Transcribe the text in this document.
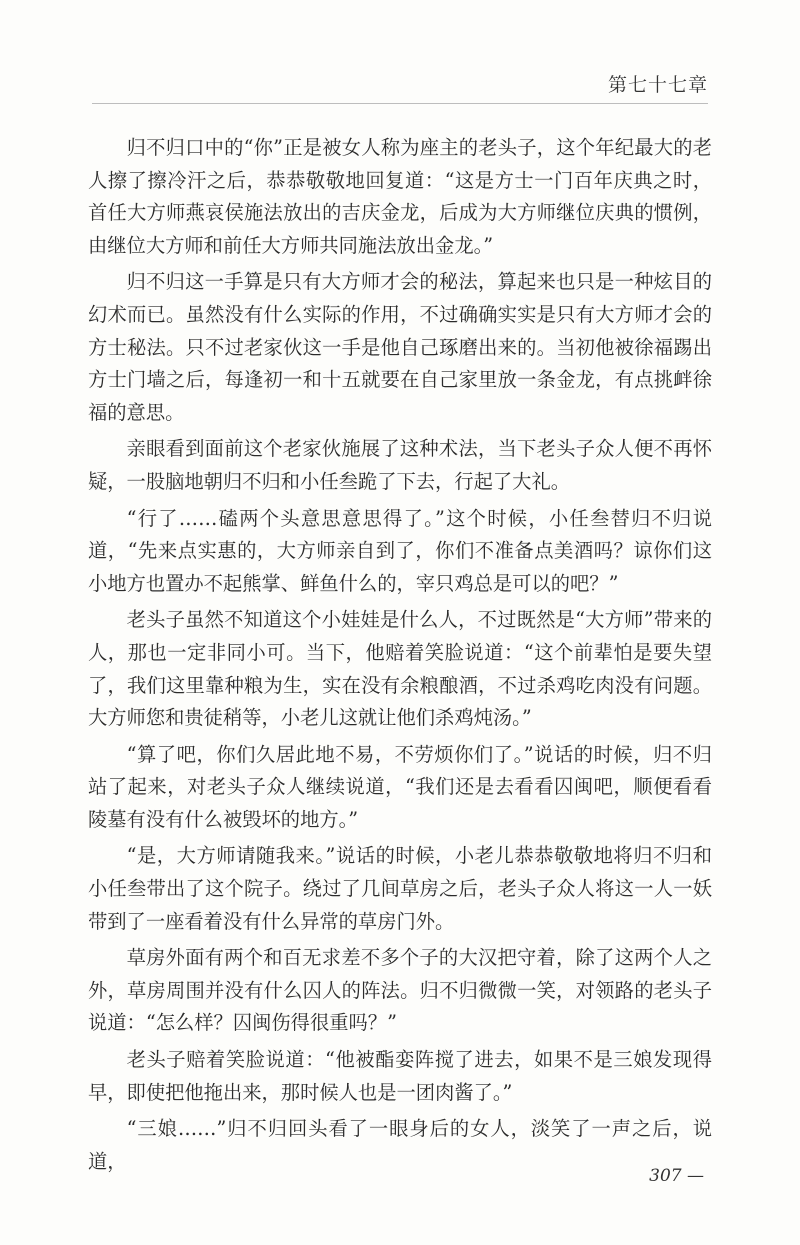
第七十七章

归不归口中的“你”正是被女人称为座主的老头子，这个年纪最大的老人擦了擦冷汗之后，恭恭敬敬地回复道：“这是方士一门百年庆典之时，首任大方师燕哀侯施法放出的吉庆金龙，后成为大方师继位庆典的惯例，由继位大方师和前任大方师共同施法放出金龙。”

归不归这一手算是只有大方师才会的秘法，算起来也只是一种炫目的幻术而已。虽然没有什么实际的作用，不过确确实实是只有大方师才会的方士秘法。只不过老家伙这一手是他自己琢磨出来的。当初他被徐福踢出方士门墙之后，每逢初一和十五就要在自己家里放一条金龙，有点挑衅徐福的意思。

亲眼看到面前这个老家伙施展了这种术法，当下老头子众人便不再怀疑，一股脑地朝归不归和小任叁跪了下去，行起了大礼。

“行了……磕两个头意思意思得了。”这个时候，小任叁替归不归说道，“先来点实惠的，大方师亲自到了，你们不准备点美酒吗？谅你们这小地方也置办不起熊掌、鲜鱼什么的，宰只鸡总是可以的吧？”

老头子虽然不知道这个小娃娃是什么人，不过既然是“大方师”带来的人，那也一定非同小可。当下，他赔着笑脸说道：“这个前辈怕是要失望了，我们这里靠种粮为生，实在没有余粮酿酒，不过杀鸡吃肉没有问题。大方师您和贵徒稍等，小老儿这就让他们杀鸡炖汤。”

“算了吧，你们久居此地不易，不劳烦你们了。”说话的时候，归不归站了起来，对老头子众人继续说道，“我们还是去看看囚闽吧，顺便看看陵墓有没有什么被毁坏的地方。”

“是，大方师请随我来。”说话的时候，小老儿恭恭敬敬地将归不归和小任叁带出了这个院子。绕过了几间草房之后，老头子众人将这一人一妖带到了一座看着没有什么异常的草房门外。

草房外面有两个和百无求差不多个子的大汉把守着，除了这两个人之外，草房周围并没有什么囚人的阵法。归不归微微一笑，对领路的老头子说道：“怎么样？囚闽伤得很重吗？”

老头子赔着笑脸说道：“他被酯娈阵搅了进去，如果不是三娘发现得早，即使把他拖出来，那时候人也是一团肉酱了。”

“三娘……”归不归回头看了一眼身后的女人，淡笑了一声之后，说道，

307 —
